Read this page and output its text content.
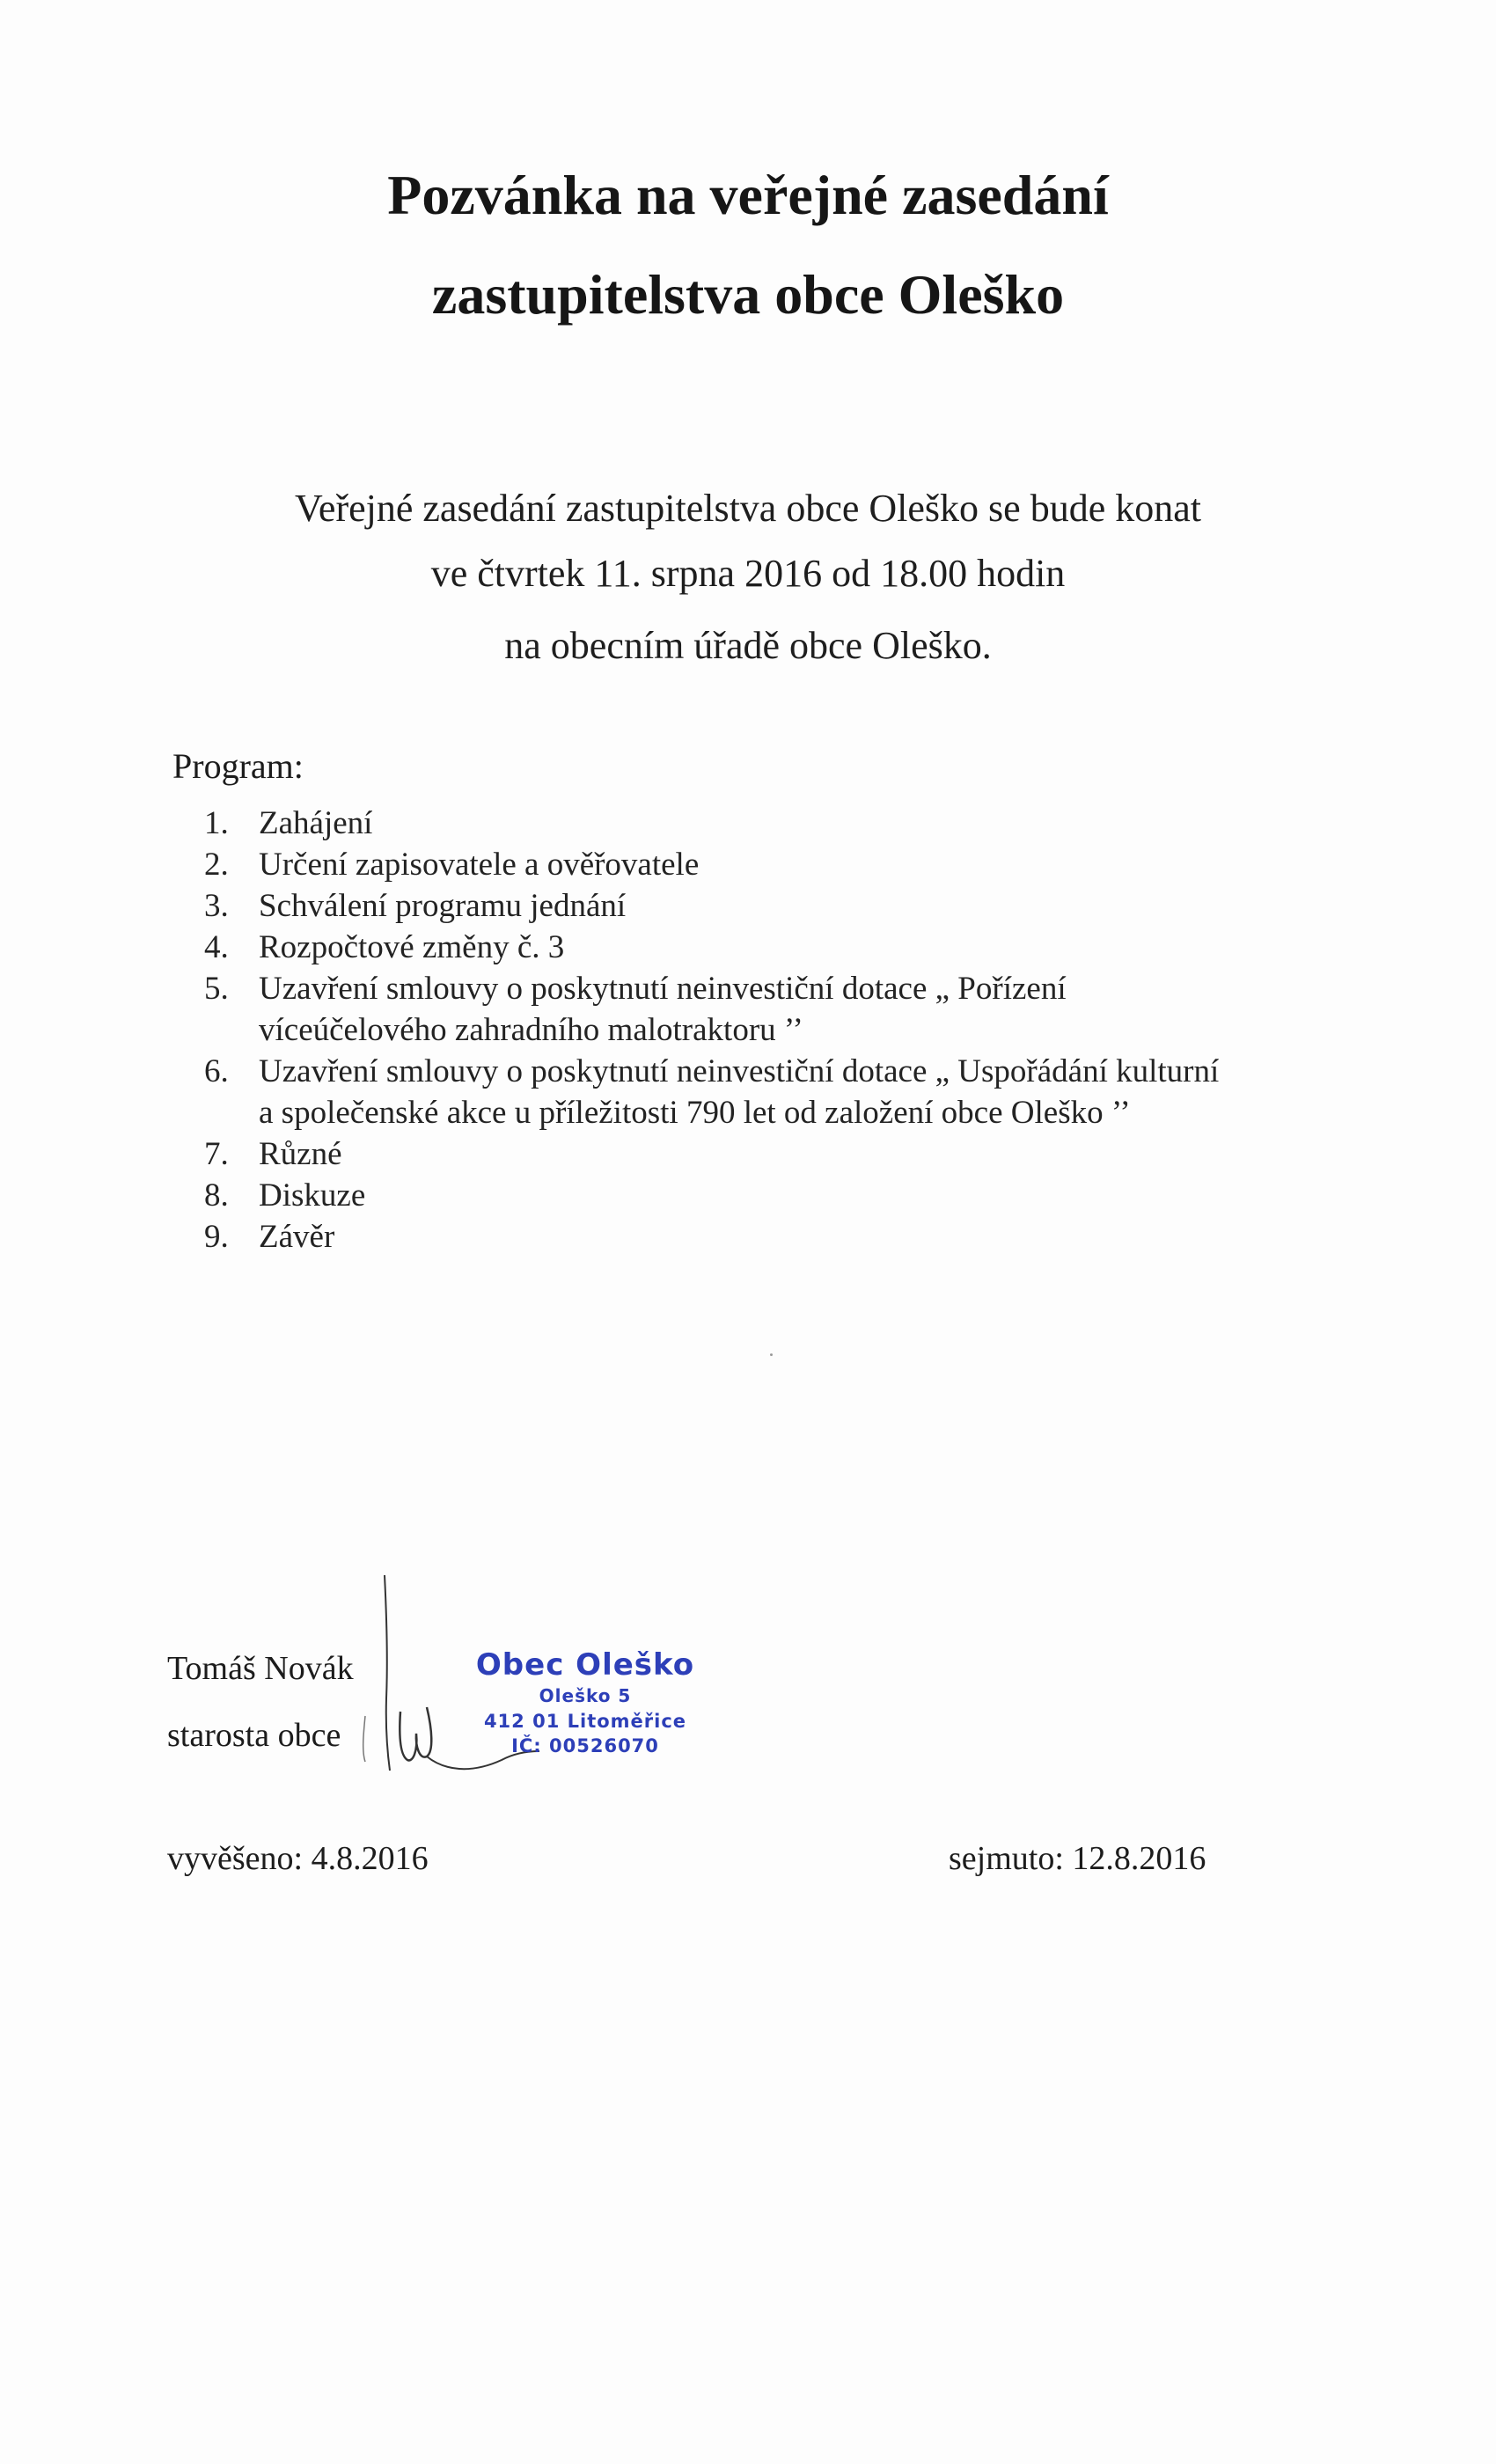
Pozvánka na veřejné zasedání
zastupitelstva obce Oleško

Veřejné zasedání zastupitelstva obce Oleško se bude konat

ve čtvrtek 11. srpna 2016 od 18.00 hodin

na obecním úřadě obce Oleško.

Program:

1. Zahájení
2. Určení zapisovatele a ověřovatele
3. Schválení programu jednání
4. Rozpočtové změny č. 3
5. Uzavření smlouvy o poskytnutí neinvestiční dotace „ Pořízení
víceúčelového zahradního malotraktoru ’’
6. Uzavření smlouvy o poskytnutí neinvestiční dotace „ Uspořádání kulturní
a společenské akce u příležitosti 790 let od založení obce Oleško ’’
7. Různé
8. Diskuze
9. Závěr

Tomáš Novák

starosta obce

Obec Oleško
Oleško 5
412 01 Litoměřice
IČ: 00526070

vyvěšeno: 4.8.2016	sejmuto: 12.8.2016
